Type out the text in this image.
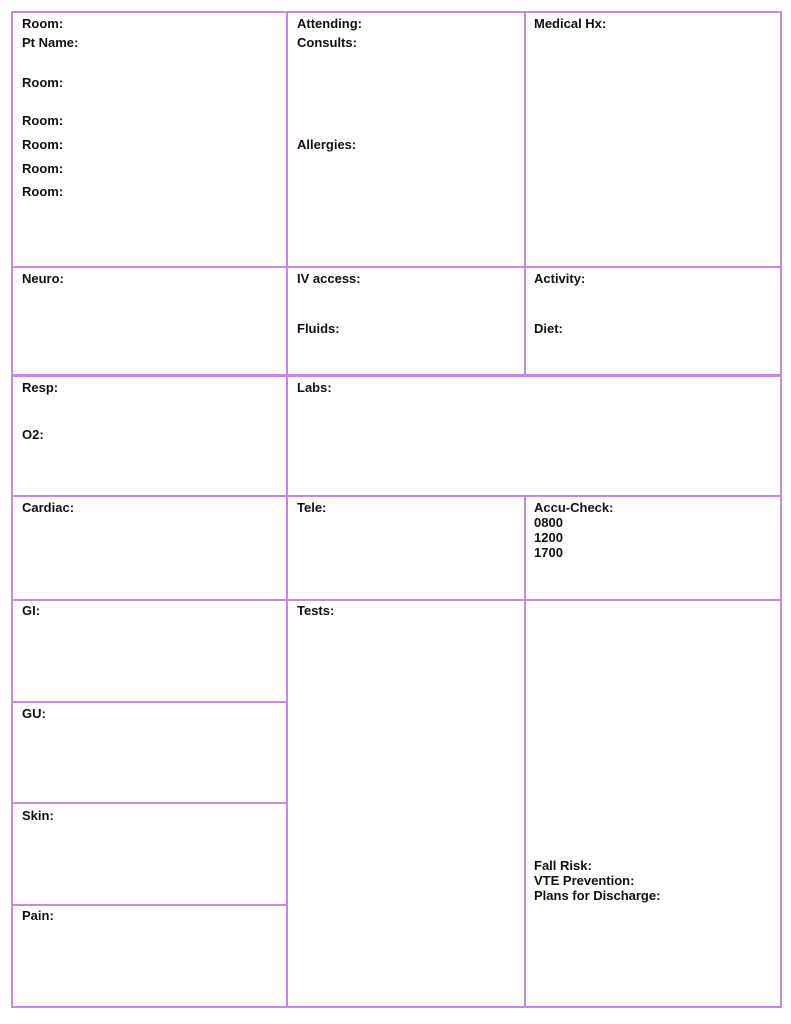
Room:
Pt Name:
Room:
Room:
Room:
Room:
Room:
Attending:
Consults:
Allergies:
Medical Hx:
Neuro:	IV access:
Fluids:
Activity:
Diet:
Resp:
O2:
Labs:
Cardiac:	Tele:	Accu-Check:
0800
1200
1700
GI:
GU:
Skin:
Pain:
Tests:
Fall Risk:
VTE Prevention:
Plans for Discharge:
